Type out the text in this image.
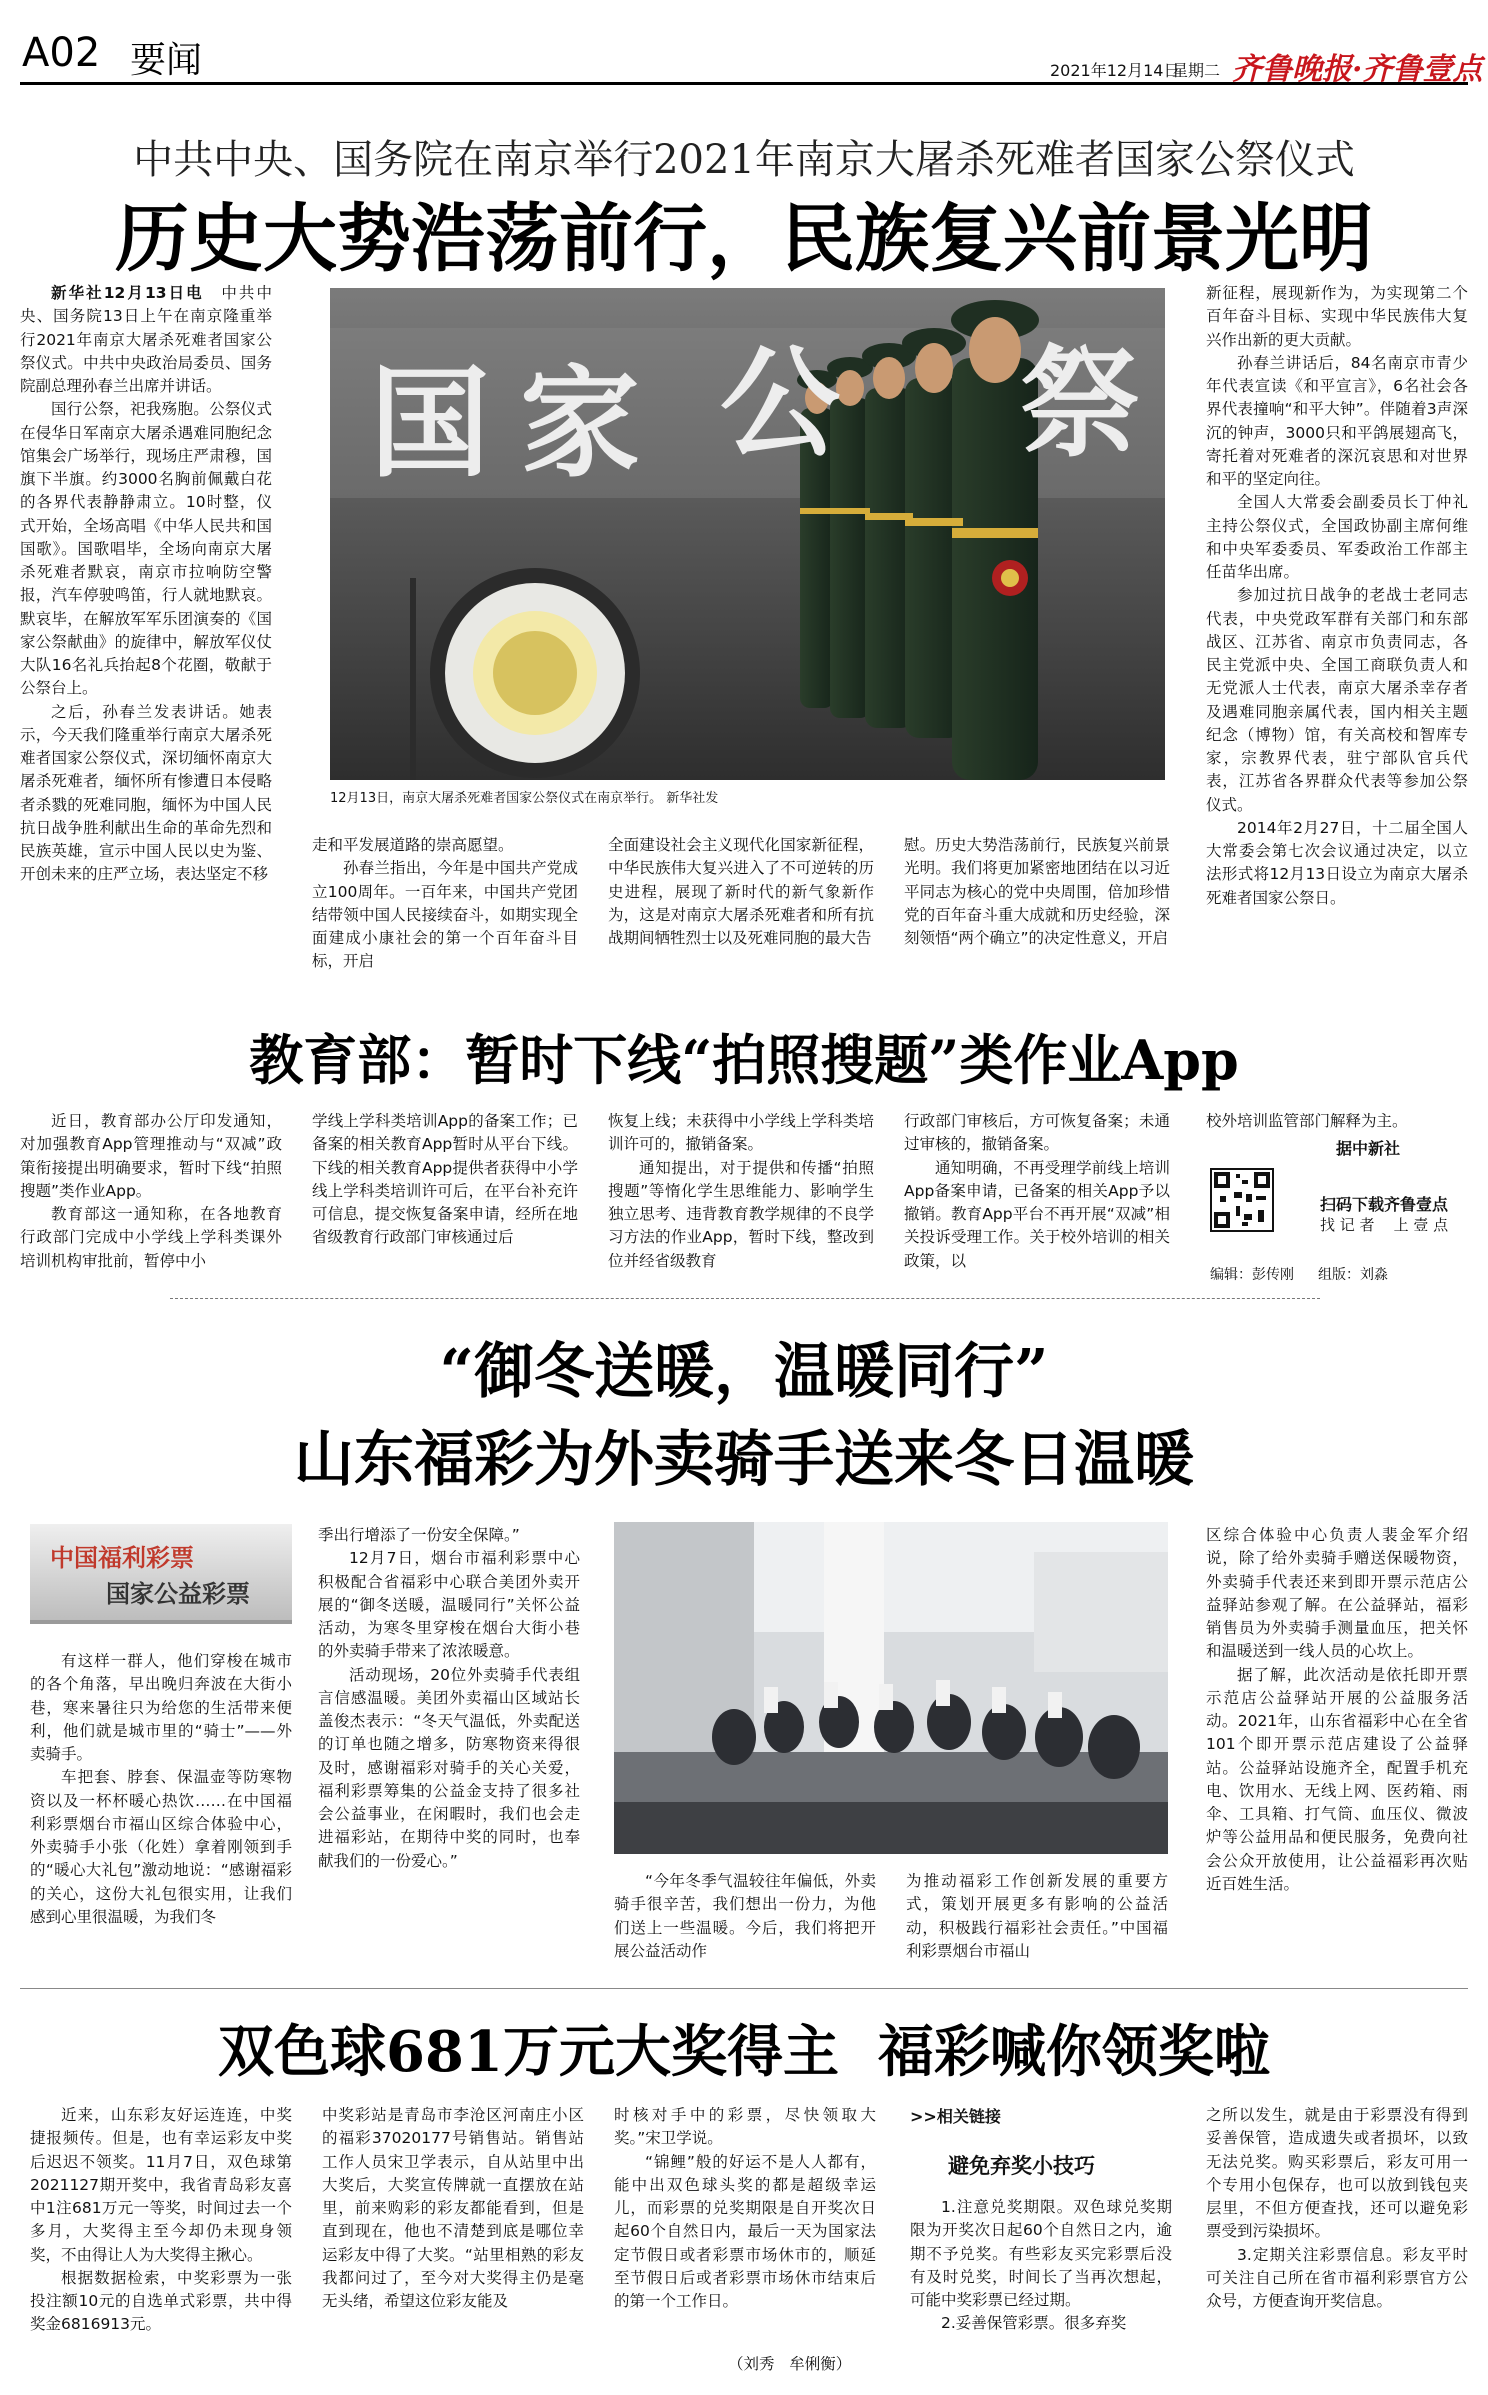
A02 要闻	2021年12月14日
星期二 齐鲁晚报·齐鲁壹点
中共中央、国务院在南京举行2021年南京大屠杀死难者国家公祭仪式
历史大势浩荡前行，民族复兴前景光明

新华社12月13日电  中共中央、国务院13日上午在南京隆重举行2021年南京大屠杀死难者国家公祭仪式。中共中央政治局委员、国务院副总理孙春兰出席并讲话。

国行公祭，祀我殇胞。公祭仪式在侵华日军南京大屠杀遇难同胞纪念馆集会广场举行，现场庄严肃穆，国旗下半旗。约3000名胸前佩戴白花的各界代表静静肃立。10时整，仪式开始，全场高唱《中华人民共和国国歌》。国歌唱毕，全场向南京大屠杀死难者默哀，南京市拉响防空警报，汽车停驶鸣笛，行人就地默哀。默哀毕，在解放军军乐团演奏的《国家公祭献曲》的旋律中，解放军仪仗大队16名礼兵抬起8个花圈，敬献于公祭台上。

之后，孙春兰发表讲话。她表示，今天我们隆重举行南京大屠杀死难者国家公祭仪式，深切缅怀南京大屠杀死难者，缅怀所有惨遭日本侵略者杀戮的死难同胞，缅怀为中国人民抗日战争胜利献出生命的革命先烈和民族英雄，宣示中国人民以史为鉴、开创未来的庄严立场，表达坚定不移

国 家 公 祭
12月13日，南京大屠杀死难者国家公祭仪式在南京举行。 新华社发

走和平发展道路的崇高愿望。

孙春兰指出，今年是中国共产党成立100周年。一百年来，中国共产党团结带领中国人民接续奋斗，如期实现全面建成小康社会的第一个百年奋斗目标，开启

全面建设社会主义现代化国家新征程，中华民族伟大复兴进入了不可逆转的历史进程，展现了新时代的新气象新作为，这是对南京大屠杀死难者和所有抗战期间牺牲烈士以及死难同胞的最大告

慰。历史大势浩荡前行，民族复兴前景光明。我们将更加紧密地团结在以习近平同志为核心的党中央周围，倍加珍惜党的百年奋斗重大成就和历史经验，深刻领悟“两个确立”的决定性意义，开启

新征程，展现新作为，为实现第二个百年奋斗目标、实现中华民族伟大复兴作出新的更大贡献。

孙春兰讲话后，84名南京市青少年代表宣读《和平宣言》，6名社会各界代表撞响“和平大钟”。伴随着3声深沉的钟声，3000只和平鸽展翅高飞，寄托着对死难者的深沉哀思和对世界和平的坚定向往。

全国人大常委会副委员长丁仲礼主持公祭仪式，全国政协副主席何维和中央军委委员、军委政治工作部主任苗华出席。

参加过抗日战争的老战士老同志代表，中央党政军群有关部门和东部战区、江苏省、南京市负责同志，各民主党派中央、全国工商联负责人和无党派人士代表，南京大屠杀幸存者及遇难同胞亲属代表，国内相关主题纪念（博物）馆，有关高校和智库专家，宗教界代表，驻宁部队官兵代表，江苏省各界群众代表等参加公祭仪式。

2014年2月27日，十二届全国人大常委会第七次会议通过决定，以立法形式将12月13日设立为南京大屠杀死难者国家公祭日。

教育部：暂时下线“拍照搜题”类作业App

近日，教育部办公厅印发通知，对加强教育App管理推动与“双减”政策衔接提出明确要求，暂时下线“拍照搜题”类作业App。

教育部这一通知称，在各地教育行政部门完成中小学线上学科类课外培训机构审批前，暂停中小

学线上学科类培训App的备案工作；已备案的相关教育App暂时从平台下线。下线的相关教育App提供者获得中小学线上学科类培训许可后，在平台补充许可信息，提交恢复备案申请，经所在地省级教育行政部门审核通过后

恢复上线；未获得中小学线上学科类培训许可的，撤销备案。

通知提出，对于提供和传播“拍照搜题”等惰化学生思维能力、影响学生独立思考、违背教育教学规律的不良学习方法的作业App，暂时下线，整改到位并经省级教育

行政部门审核后，方可恢复备案；未通过审核的，撤销备案。

通知明确，不再受理学前线上培训App备案申请，已备案的相关App予以撤销。教育App平台不再开展“双减”相关投诉受理工作。关于校外培训的相关政策，以

校外培训监管部门解释为主。

据中新社
扫码下载齐鲁壹点
找 记 者    上 壹 点
编辑：彭传刚 组版：刘淼
“御冬送暖，温暖同行”
山东福彩为外卖骑手送来冬日温暖
中国福利彩票
国家公益彩票

有这样一群人，他们穿梭在城市的各个角落，早出晚归奔波在大街小巷，寒来暑往只为给您的生活带来便利，他们就是城市里的“骑士”——外卖骑手。

车把套、脖套、保温壶等防寒物资以及一杯杯暖心热饮……在中国福利彩票烟台市福山区综合体验中心，外卖骑手小张（化姓）拿着刚领到手的“暖心大礼包”激动地说：“感谢福彩的关心，这份大礼包很实用，让我们感到心里很温暖，为我们冬

季出行增添了一份安全保障。”

12月7日，烟台市福利彩票中心积极配合省福彩中心联合美团外卖开展的“御冬送暖，温暖同行”关怀公益活动，为寒冬里穿梭在烟台大街小巷的外卖骑手带来了浓浓暖意。

活动现场，20位外卖骑手代表组言信感温暖。美团外卖福山区域站长盖俊杰表示：“冬天气温低，外卖配送的订单也随之增多，防寒物资来得很及时，感谢福彩对骑手的关心关爱，福利彩票筹集的公益金支持了很多社会公益事业，在闲暇时，我们也会走进福彩站，在期待中奖的同时，也奉献我们的一份爱心。”

“今年冬季气温较往年偏低，外卖骑手很辛苦，我们想出一份力，为他们送上一些温暖。今后，我们将把开展公益活动作

为推动福彩工作创新发展的重要方式，策划开展更多有影响的公益活动，积极践行福彩社会责任。”中国福利彩票烟台市福山

区综合体验中心负责人裴金军介绍说，除了给外卖骑手赠送保暖物资，外卖骑手代表还来到即开票示范店公益驿站参观了解。在公益驿站，福彩销售员为外卖骑手测量血压，把关怀和温暖送到一线人员的心坎上。

据了解，此次活动是依托即开票示范店公益驿站开展的公益服务活动。2021年，山东省福彩中心在全省101个即开票示范店建设了公益驿站。公益驿站设施齐全，配置手机充电、饮用水、无线上网、医药箱、雨伞、工具箱、打气筒、血压仪、微波炉等公益用品和便民服务，免费向社会公众开放使用，让公益福彩再次贴近百姓生活。

双色球681万元大奖得主  福彩喊你领奖啦

近来，山东彩友好运连连，中奖捷报频传。但是，也有幸运彩友中奖后迟迟不领奖。11月7日，双色球第2021127期开奖中，我省青岛彩友喜中1注681万元一等奖，时间过去一个多月，大奖得主至今却仍未现身领奖，不由得让人为大奖得主揪心。

根据数据检索，中奖彩票为一张投注额10元的自选单式彩票，共中得奖金6816913元。

中奖彩站是青岛市李沧区河南庄小区的福彩37020177号销售站。销售站工作人员宋卫学表示，自从站里中出大奖后，大奖宣传牌就一直摆放在站里，前来购彩的彩友都能看到，但是直到现在，他也不清楚到底是哪位幸运彩友中得了大奖。“站里相熟的彩友我都问过了，至今对大奖得主仍是毫无头绪，希望这位彩友能及

时核对手中的彩票，尽快领取大奖。”宋卫学说。

“锦鲤”般的好运不是人人都有，能中出双色球头奖的都是超级幸运儿，而彩票的兑奖期限是自开奖次日起60个自然日内，最后一天为国家法定节假日或者彩票市场休市的，顺延至节假日后或者彩票市场休市结束后的第一个工作日。

（刘秀   牟俐衡）
>>相关链接
避免弃奖小技巧

1.注意兑奖期限。双色球兑奖期限为开奖次日起60个自然日之内，逾期不予兑奖。有些彩友买完彩票后没有及时兑奖，时间长了当再次想起，可能中奖彩票已经过期。

2.妥善保管彩票。很多弃奖

之所以发生，就是由于彩票没有得到妥善保管，造成遗失或者损坏，以致无法兑奖。购买彩票后，彩友可用一个专用小包保存，也可以放到钱包夹层里，不但方便查找，还可以避免彩票受到污染损坏。

3.定期关注彩票信息。彩友平时可关注自己所在省市福利彩票官方公众号，方便查询开奖信息。
